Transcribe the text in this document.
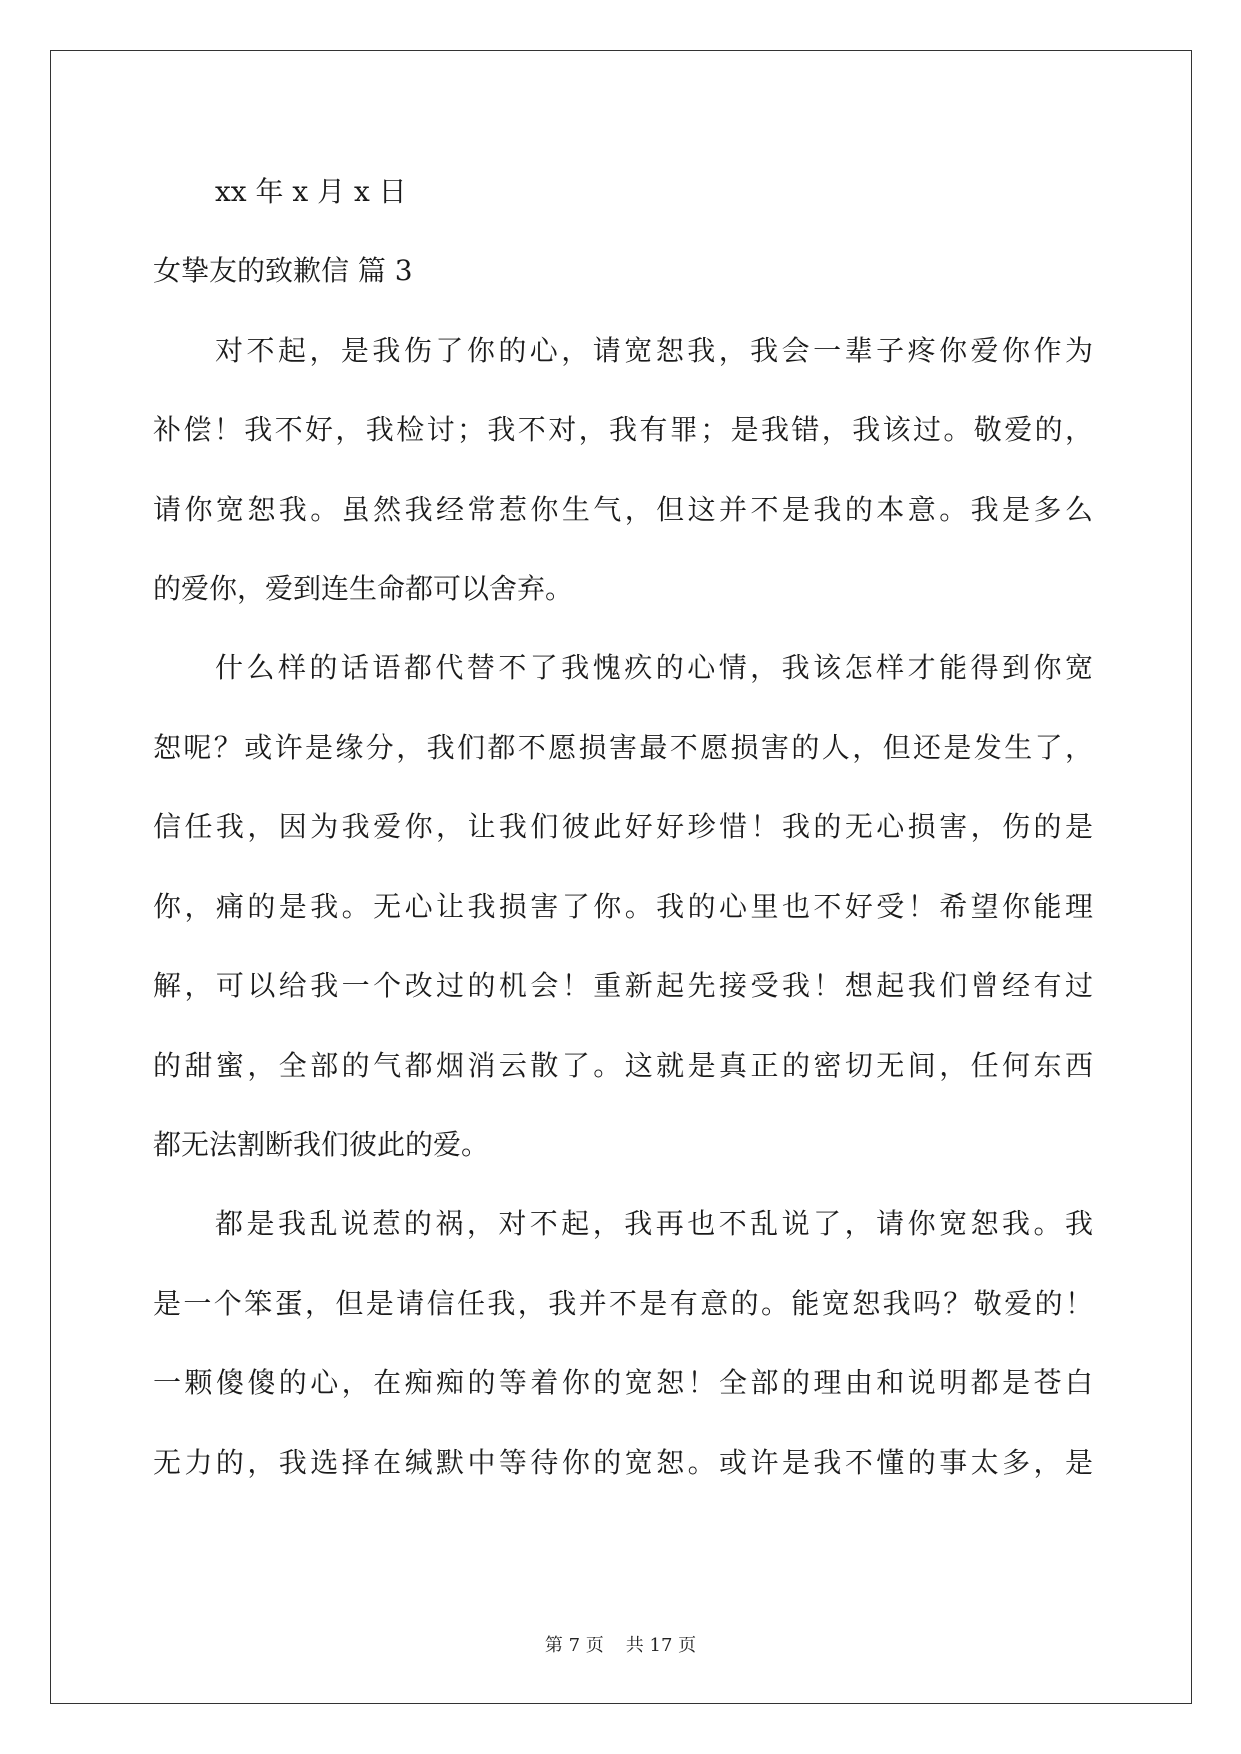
xx 年 x 月 x 日
女挚友的致歉信 篇 3
对不起，是我伤了你的心，请宽恕我，我会一辈子疼你爱你作为
补偿！我不好，我检讨；我不对，我有罪；是我错，我该过。敬爱的，
请你宽恕我。虽然我经常惹你生气，但这并不是我的本意。我是多么
的爱你，爱到连生命都可以舍弃。
什么样的话语都代替不了我愧疚的心情，我该怎样才能得到你宽
恕呢？或许是缘分，我们都不愿损害最不愿损害的人，但还是发生了，
信任我，因为我爱你，让我们彼此好好珍惜！我的无心损害，伤的是
你，痛的是我。无心让我损害了你。我的心里也不好受！希望你能理
解，可以给我一个改过的机会！重新起先接受我！想起我们曾经有过
的甜蜜，全部的气都烟消云散了。这就是真正的密切无间，任何东西
都无法割断我们彼此的爱。
都是我乱说惹的祸，对不起，我再也不乱说了，请你宽恕我。我
是一个笨蛋，但是请信任我，我并不是有意的。能宽恕我吗？敬爱的！
一颗傻傻的心，在痴痴的等着你的宽恕！全部的理由和说明都是苍白
无力的，我选择在缄默中等待你的宽恕。或许是我不懂的事太多，是
第 7 页 共 17 页
